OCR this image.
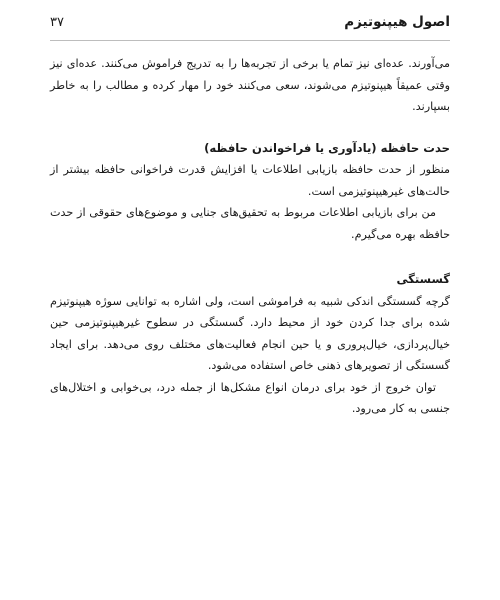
اصول هیپنوتیزم
۳۷

می‌آورند. عده‌ای نیز تمام یا برخی از تجربه‌ها را به تدریج فراموش می‌کنند. عده‌ای نیز وقتی عمیقاً هیپنوتیزم می‌شوند، سعی می‌کنند خود را مهار کرده و مطالب را به خاطر بسپارند.

حدت حافظه (یادآوری یا فراخواندن حافظه)

منظور از حدت حافظه بازیابی اطلاعات یا افزایش قدرت فراخوانی حافظه بیشتر از حالت‌های غیرهیپنوتیزمی است.

من برای بازیابی اطلاعات مربوط به تحقیق‌های جنایی و موضوع‌های حقوقی از حدت حافظه بهره می‌گیرم.

گسستگی

گرچه گسستگی اندکی شبیه به فراموشی است، ولی اشاره به توانایی سوژه هیپنوتیزم شده برای جدا کردن خود از محیط دارد. گسستگی در سطوح غیرهیپنوتیزمی حین خیال‌پردازی، خیال‌پروری و یا حین انجام فعالیت‌های مختلف روی می‌دهد. برای ایجاد گسستگی از تصویرهای ذهنی خاص استفاده می‌شود.

توان خروج از خود برای درمان انواع مشکل‌ها از جمله درد، بی‌خوابی و اختلال‌های جنسی به کار می‌رود.
